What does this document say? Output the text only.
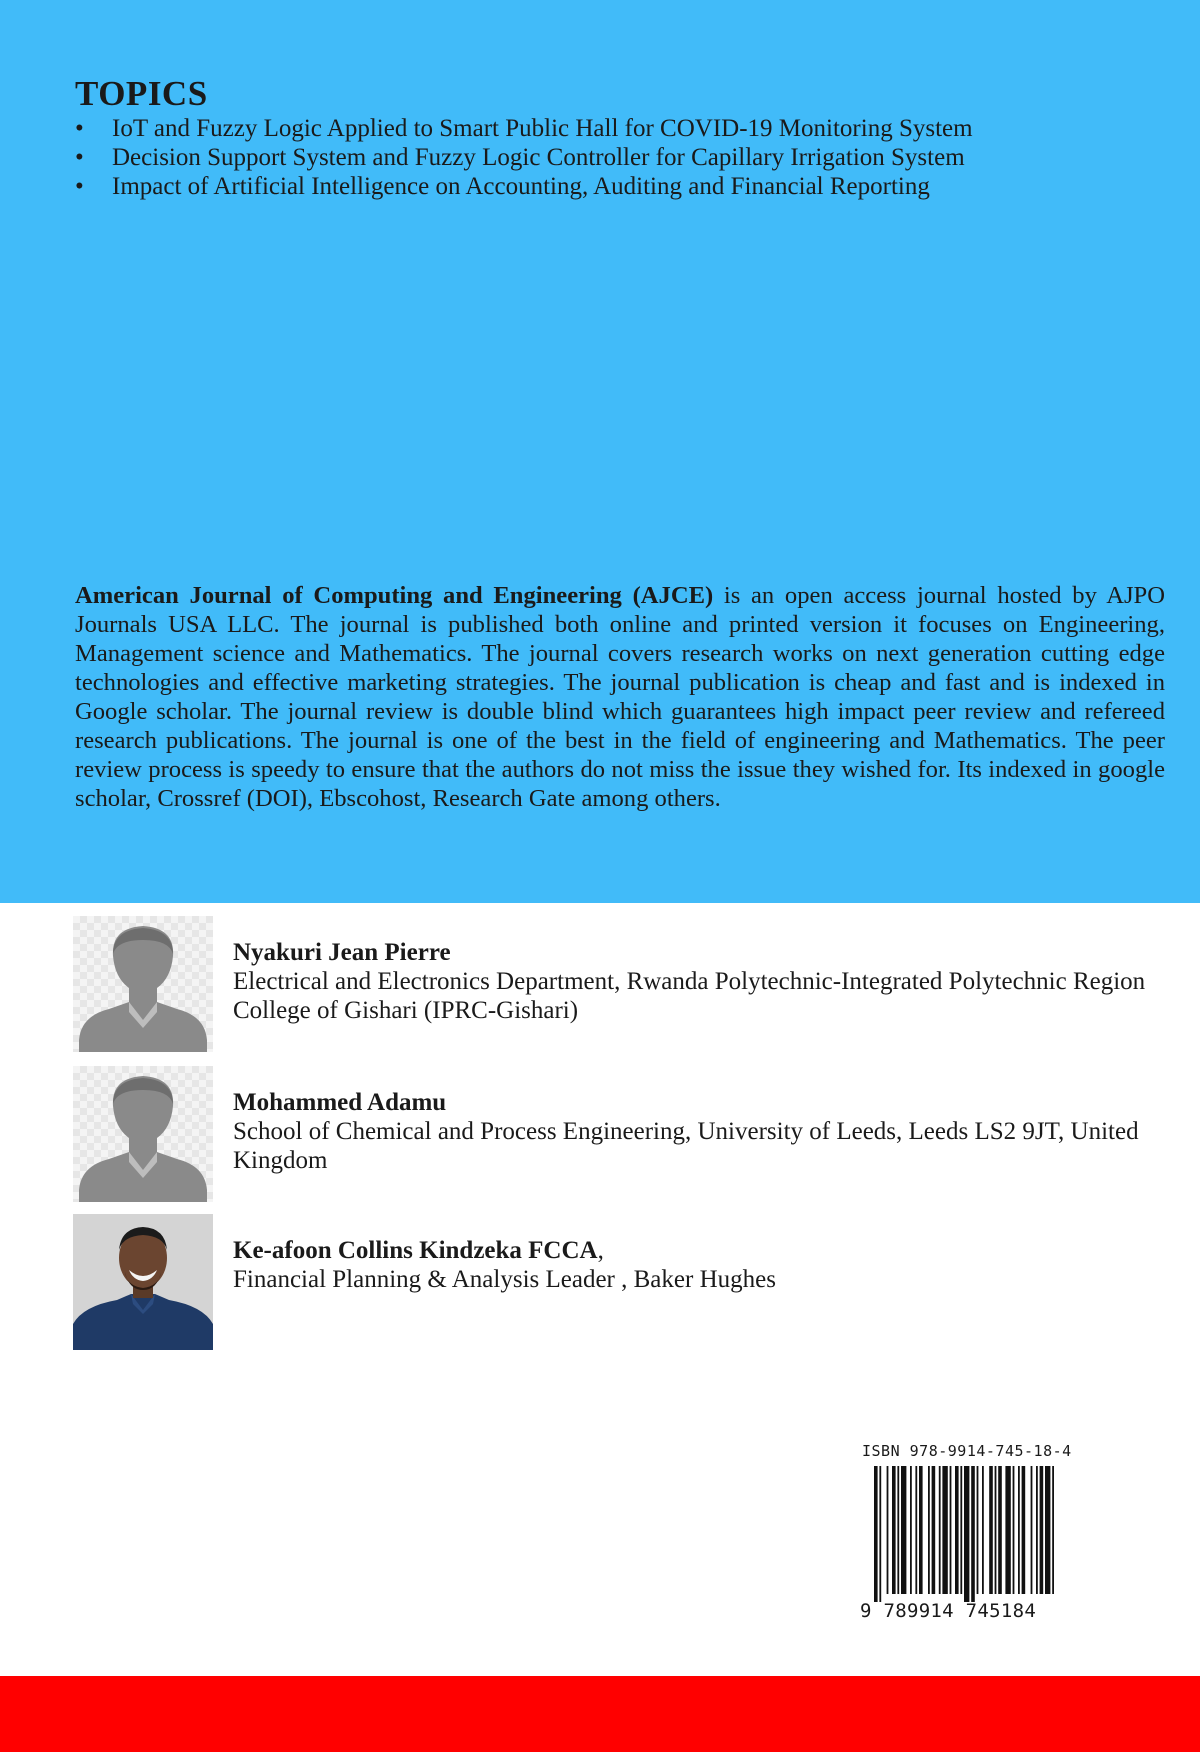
TOPICS
• IoT and Fuzzy Logic Applied to Smart Public Hall for COVID-19 Monitoring System
• Decision Support System and Fuzzy Logic Controller for Capillary Irrigation System
• Impact of Artificial Intelligence on Accounting, Auditing and Financial Reporting

American Journal of Computing and Engineering (AJCE) is an open access journal hosted by AJPO Journals USA LLC. The journal is published both online and printed version it focuses on Engineering, Management science and Mathematics. The journal covers research works on next generation cutting edge technologies and effective marketing strategies. The journal publication is cheap and fast and is indexed in Google scholar. The journal review is double blind which guarantees high impact peer review and refereed research publications. The journal is one of the best in the field of engineering and Mathematics. The peer review process is speedy to ensure that the authors do not miss the issue they wished for. Its indexed in google scholar, Crossref (DOI), Ebscohost, Research Gate among others.

Nyakuri Jean Pierre
Electrical and Electronics Department, Rwanda Polytechnic-Integrated Polytechnic Region College of Gishari (IPRC-Gishari)
Mohammed Adamu
School of Chemical and Process Engineering, University of Leeds, Leeds LS2 9JT, United Kingdom
Ke-afoon Collins Kindzeka FCCA,
Financial Planning & Analysis Leader , Baker Hughes
ISBN 978-9914-745-18-4
9 789914 745184
